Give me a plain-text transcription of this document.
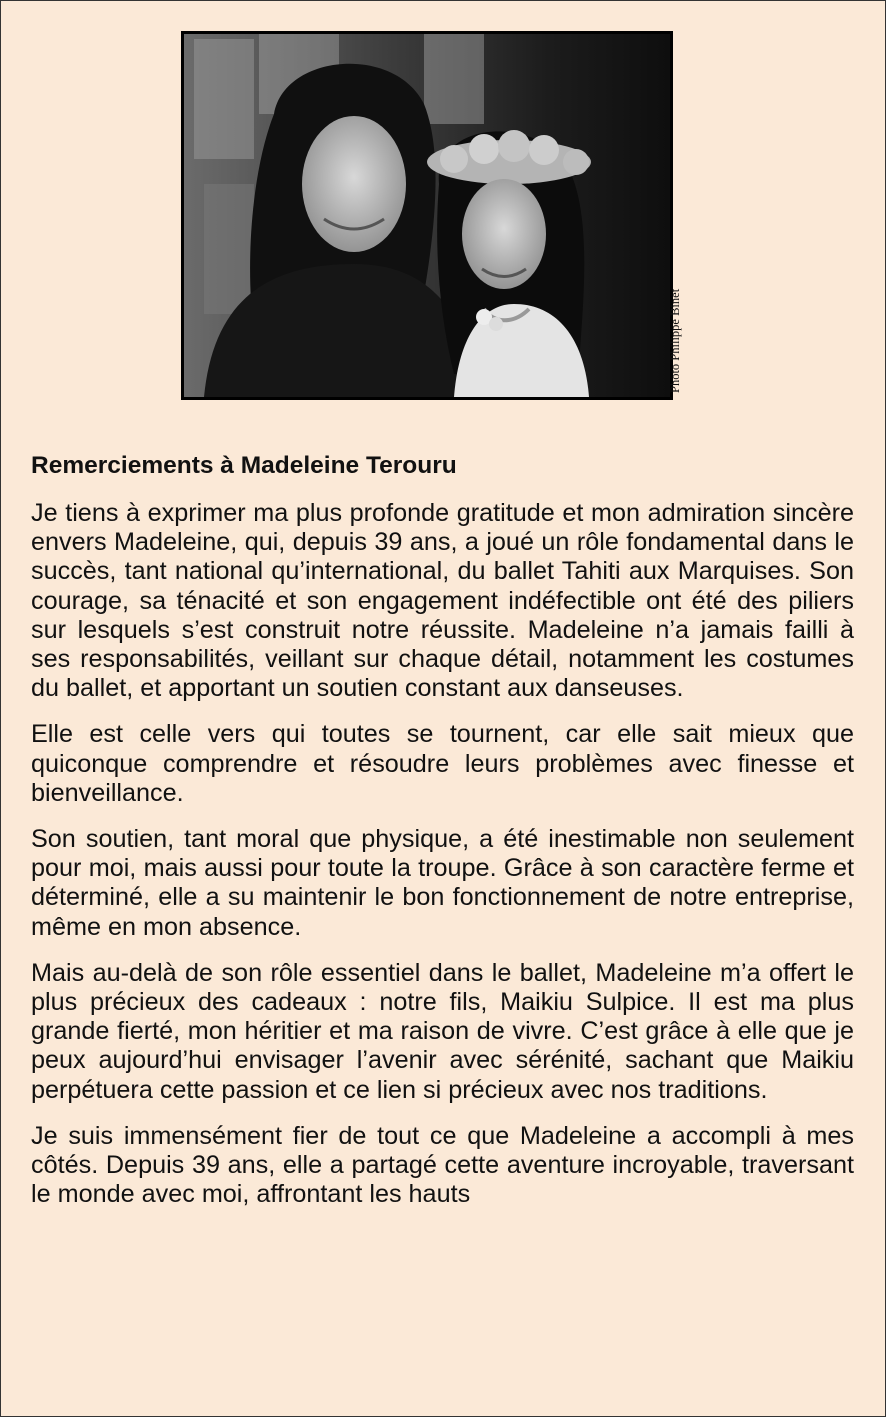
Photo Philippe Binet
Remerciements à Madeleine Terouru

Je tiens à exprimer ma plus profonde gratitude et mon admiration sincère envers Madeleine, qui, depuis 39 ans, a joué un rôle fondamental dans le succès, tant national qu’international, du ballet Tahiti aux Marquises. Son courage, sa ténacité et son engagement indéfectible ont été des piliers sur lesquels s’est construit notre réussite. Madeleine n’a jamais failli à ses responsabilités, veillant sur chaque détail, notamment les costumes du ballet, et apportant un soutien constant aux danseuses.

Elle est celle vers qui toutes se tournent, car elle sait mieux que quiconque comprendre et résoudre leurs problèmes avec finesse et bienveillance.

Son soutien, tant moral que physique, a été inestimable non seulement pour moi, mais aussi pour toute la troupe. Grâce à son caractère ferme et déterminé, elle a su maintenir le bon fonctionnement de notre entreprise, même en mon absence.

Mais au-delà de son rôle essentiel dans le ballet, Madeleine m’a offert le plus précieux des cadeaux : notre fils, Maikiu Sulpice. Il est ma plus grande fierté, mon héritier et ma raison de vivre. C’est grâce à elle que je peux aujourd’hui envisager l’avenir avec sérénité, sachant que Maikiu perpétuera cette passion et ce lien si précieux avec nos traditions.

Je suis immensément fier de tout ce que Madeleine a accompli à mes côtés. Depuis 39 ans, elle a partagé cette aventure incroyable, traversant le monde avec moi, affrontant les hauts
